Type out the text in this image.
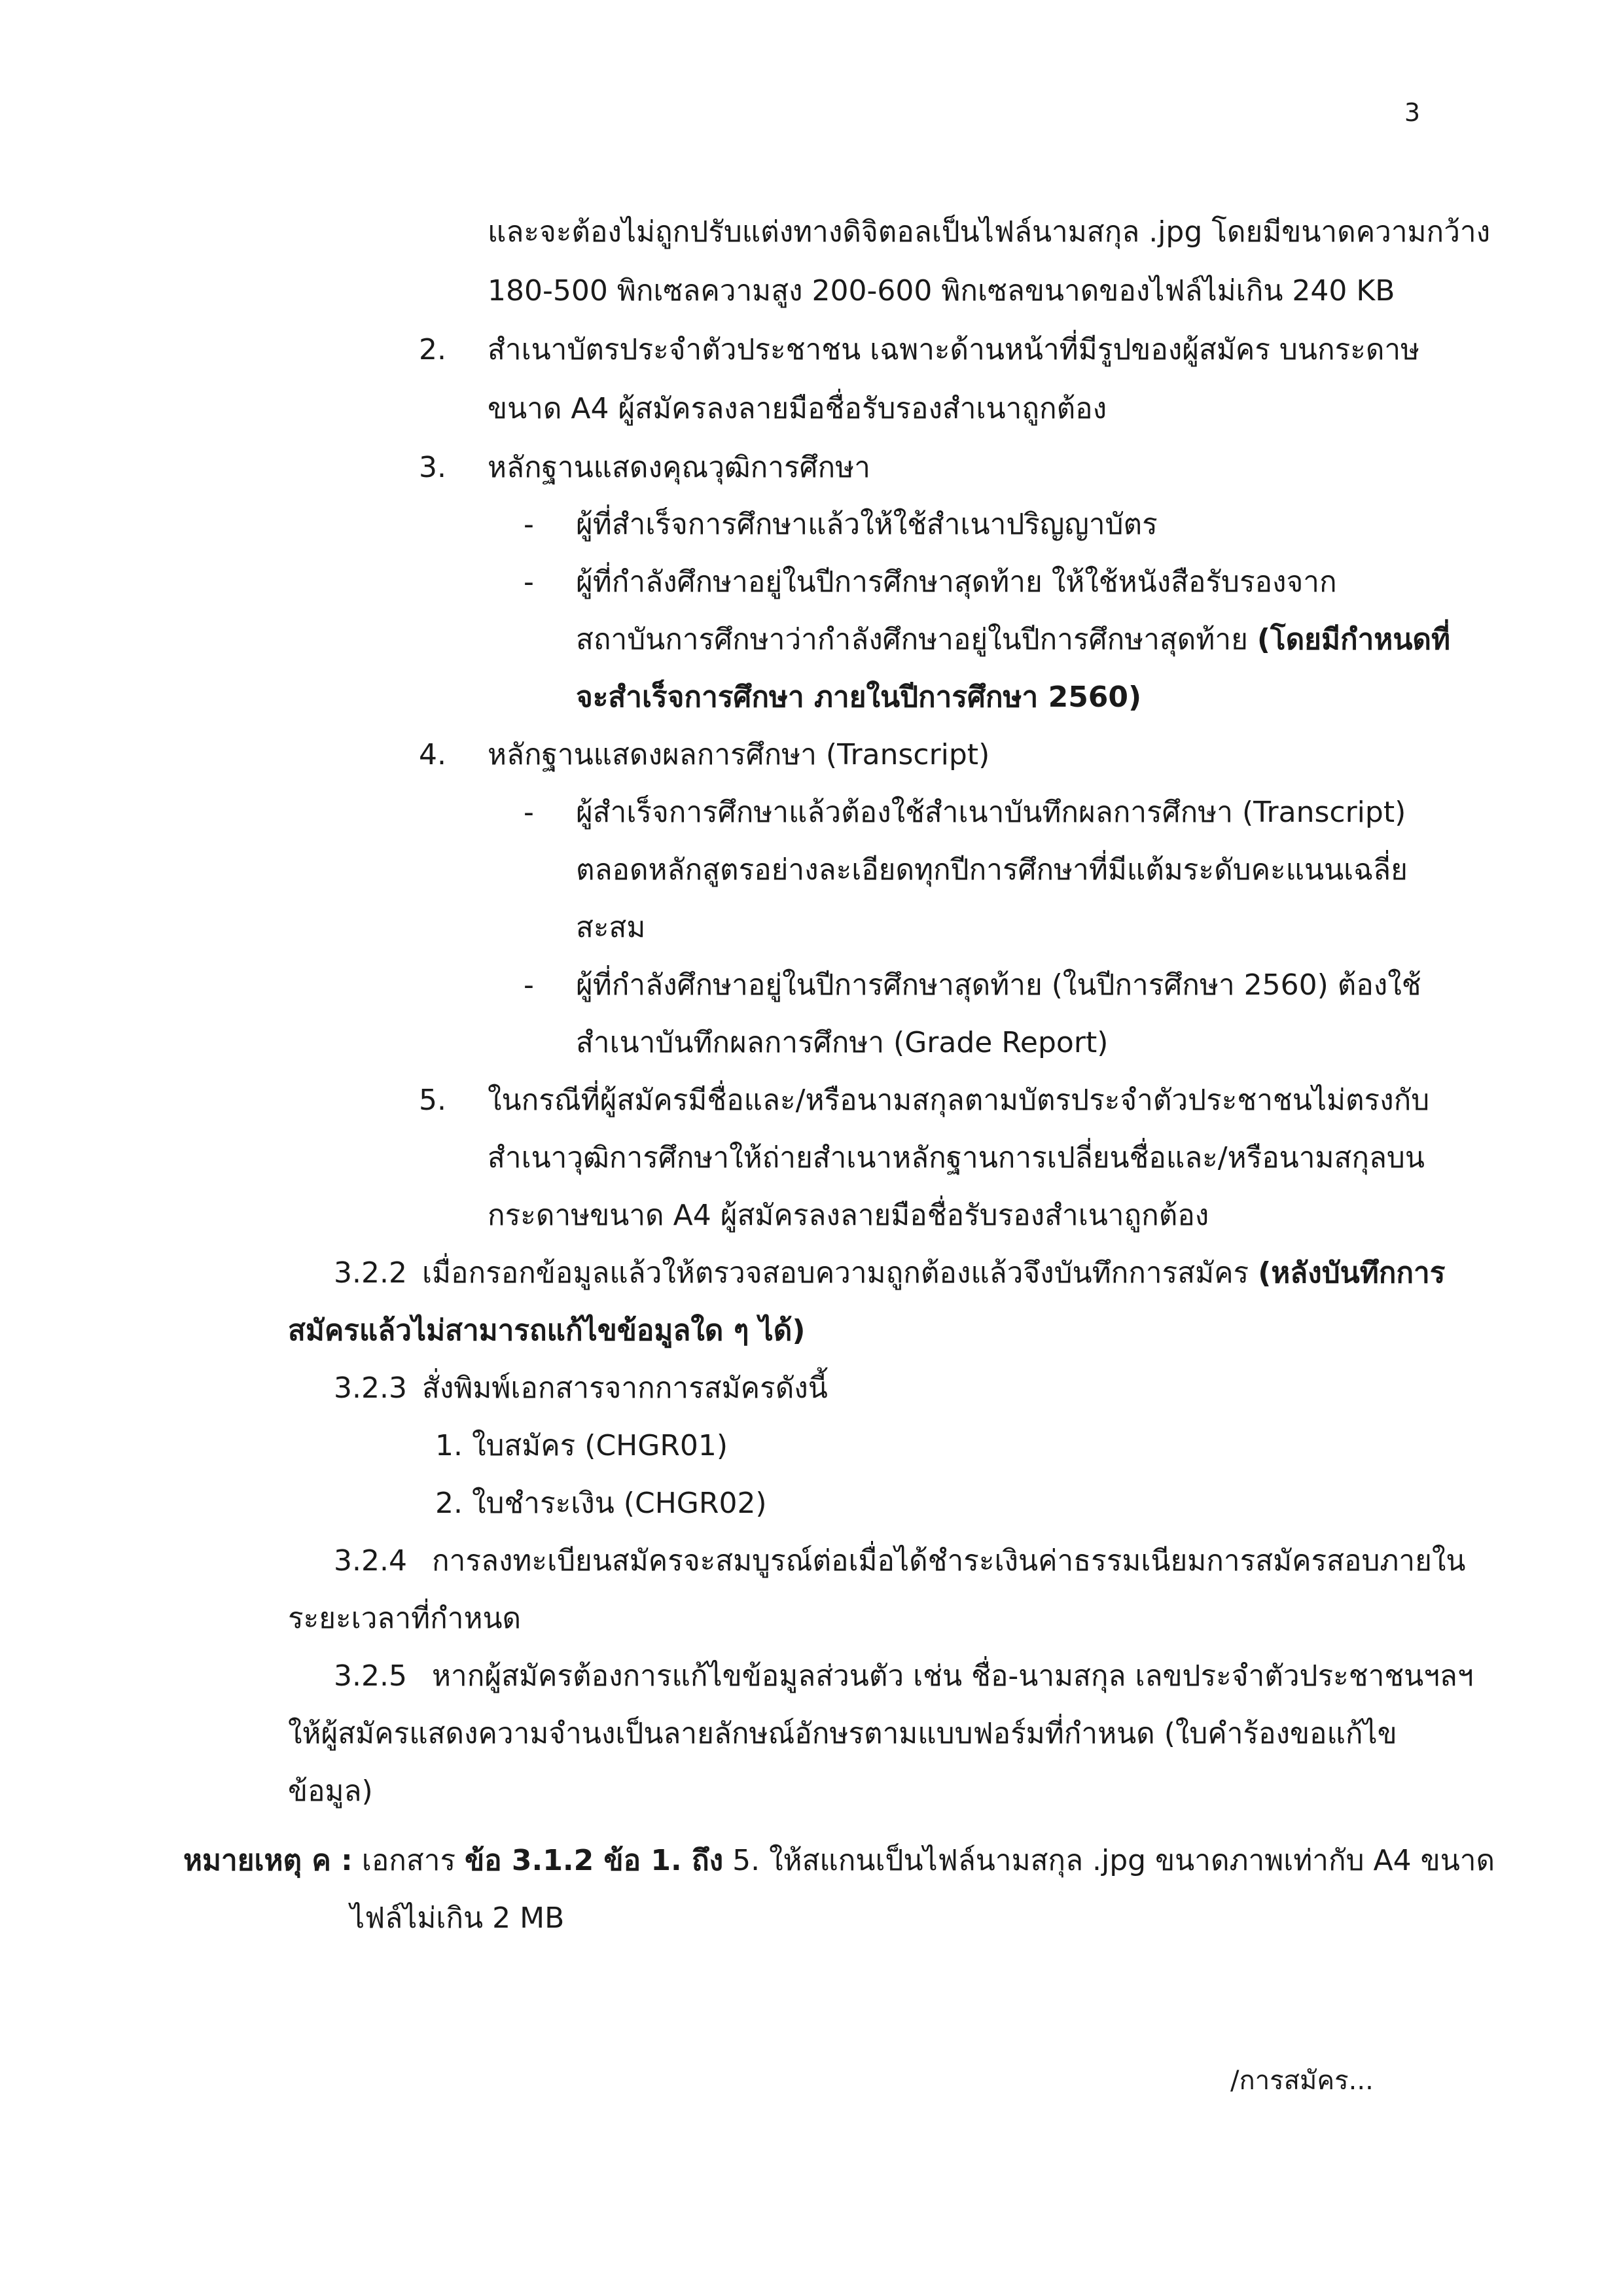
3
และจะต้องไม่ถูกปรับแต่งทางดิจิตอลเป็นไฟล์นามสกุล .jpg โดยมีขนาดความกว้าง
180-500 พิกเซลความสูง 200-600 พิกเซลขนาดของไฟล์ไม่เกิน 240 KB
2. สำเนาบัตรประจำตัวประชาชน เฉพาะด้านหน้าที่มีรูปของผู้สมัคร บนกระดาษ
ขนาด A4 ผู้สมัครลงลายมือชื่อรับรองสำเนาถูกต้อง
3. หลักฐานแสดงคุณวุฒิการศึกษา
- ผู้ที่สำเร็จการศึกษาแล้วให้ใช้สำเนาปริญญาบัตร
- ผู้ที่กำลังศึกษาอยู่ในปีการศึกษาสุดท้าย ให้ใช้หนังสือรับรองจาก
สถาบันการศึกษาว่ากำลังศึกษาอยู่ในปีการศึกษาสุดท้าย (โดยมีกำหนดที่
จะสำเร็จการศึกษา ภายในปีการศึกษา 2560)
4. หลักฐานแสดงผลการศึกษา (Transcript)
- ผู้สำเร็จการศึกษาแล้วต้องใช้สำเนาบันทึกผลการศึกษา (Transcript)
ตลอดหลักสูตรอย่างละเอียดทุกปีการศึกษาที่มีแต้มระดับคะแนนเฉลี่ย
สะสม
- ผู้ที่กำลังศึกษาอยู่ในปีการศึกษาสุดท้าย (ในปีการศึกษา 2560) ต้องใช้
สำเนาบันทึกผลการศึกษา (Grade Report)
5. ในกรณีที่ผู้สมัครมีชื่อและ/หรือนามสกุลตามบัตรประจำตัวประชาชนไม่ตรงกับ
สำเนาวุฒิการศึกษาให้ถ่ายสำเนาหลักฐานการเปลี่ยนชื่อและ/หรือนามสกุลบน
กระดาษขนาด A4 ผู้สมัครลงลายมือชื่อรับรองสำเนาถูกต้อง
3.2.2 เมื่อกรอกข้อมูลแล้วให้ตรวจสอบความถูกต้องแล้วจึงบันทึกการสมัคร (หลังบันทึกการ
สมัครแล้วไม่สามารถแก้ไขข้อมูลใด ๆ ได้)
3.2.3 สั่งพิมพ์เอกสารจากการสมัครดังนี้
1. ใบสมัคร (CHGR01)
2. ใบชำระเงิน (CHGR02)
3.2.4 การลงทะเบียนสมัครจะสมบูรณ์ต่อเมื่อได้ชำระเงินค่าธรรมเนียมการสมัครสอบภายใน
ระยะเวลาที่กำหนด
3.2.5 หากผู้สมัครต้องการแก้ไขข้อมูลส่วนตัว เช่น ชื่อ-นามสกุล เลขประจำตัวประชาชนฯลฯ
ให้ผู้สมัครแสดงความจำนงเป็นลายลักษณ์อักษรตามแบบฟอร์มที่กำหนด (ใบคำร้องขอแก้ไข
ข้อมูล)
หมายเหตุ ค : เอกสาร ข้อ 3.1.2 ข้อ 1. ถึง 5. ให้สแกนเป็นไฟล์นามสกุล .jpg ขนาดภาพเท่ากับ A4 ขนาด
ไฟล์ไม่เกิน 2 MB
/การสมัคร...
